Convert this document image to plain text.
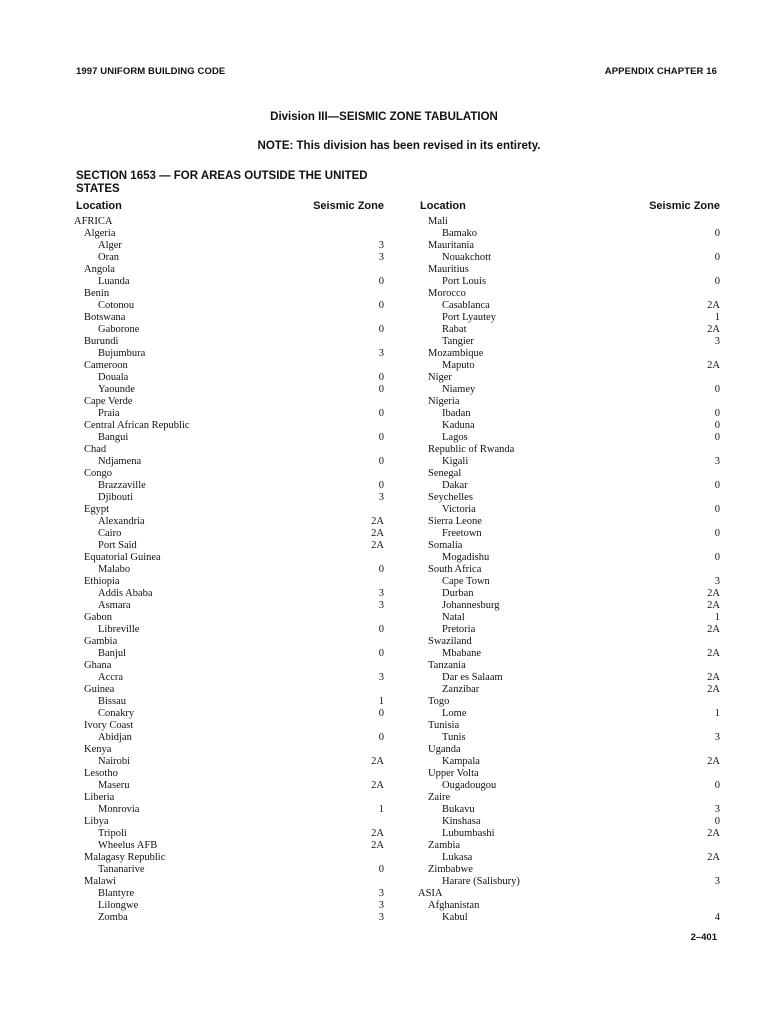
1997 UNIFORM BUILDING CODE	APPENDIX CHAPTER 16
Division III—SEISMIC ZONE TABULATION
NOTE: This division has been revised in its entirety.
SECTION 1653 — FOR AREAS OUTSIDE THE UNITED STATES
Location	Seismic Zone
AFRICA
Algeria
Alger	3
Oran	3
Angola
Luanda	0
Benin
Cotonou	0
Botswana
Gaborone	0
Burundi
Bujumbura	3
Cameroon
Douala	0
Yaounde	0
Cape Verde
Praia	0
Central African Republic
Bangui	0
Chad
Ndjamena	0
Congo
Brazzaville	0
Djibouti	3
Egypt
Alexandria	2A
Cairo	2A
Port Said	2A
Equatorial Guinea
Malabo	0
Ethiopia
Addis Ababa	3
Asmara	3
Gabon
Libreville	0
Gambia
Banjul	0
Ghana
Accra	3
Guinea
Bissau	1
Conakry	0
Ivory Coast
Abidjan	0
Kenya
Nairobi	2A
Lesotho
Maseru	2A
Liberia
Monrovia	1
Libya
Tripoli	2A
Wheelus AFB	2A
Malagasy Republic
Tananarive	0
Malawi
Blantyre	3
Lilongwe	3
Zomba	3
Location	Seismic Zone
Mali
Bamako	0
Mauritania
Nouakchott	0
Mauritius
Port Louis	0
Morocco
Casablanca	2A
Port Lyautey	1
Rabat	2A
Tangier	3
Mozambique
Maputo	2A
Niger
Niamey	0
Nigeria
Ibadan	0
Kaduna	0
Lagos	0
Republic of Rwanda
Kigali	3
Senegal
Dakar	0
Seychelles
Victoria	0
Sierra Leone
Freetown	0
Somalia
Mogadishu	0
South Africa
Cape Town	3
Durban	2A
Johannesburg	2A
Natal	1
Pretoria	2A
Swaziland
Mbabane	2A
Tanzania
Dar es Salaam	2A
Zanzibar	2A
Togo
Lome	1
Tunisia
Tunis	3
Uganda
Kampala	2A
Upper Volta
Ougadougou	0
Zaire
Bukavu	3
Kinshasa	0
Lubumbashi	2A
Zambia
Lukasa	2A
Zimbabwe
Harare (Salisbury)	3
ASIA
Afghanistan
Kabul	4
2–401
